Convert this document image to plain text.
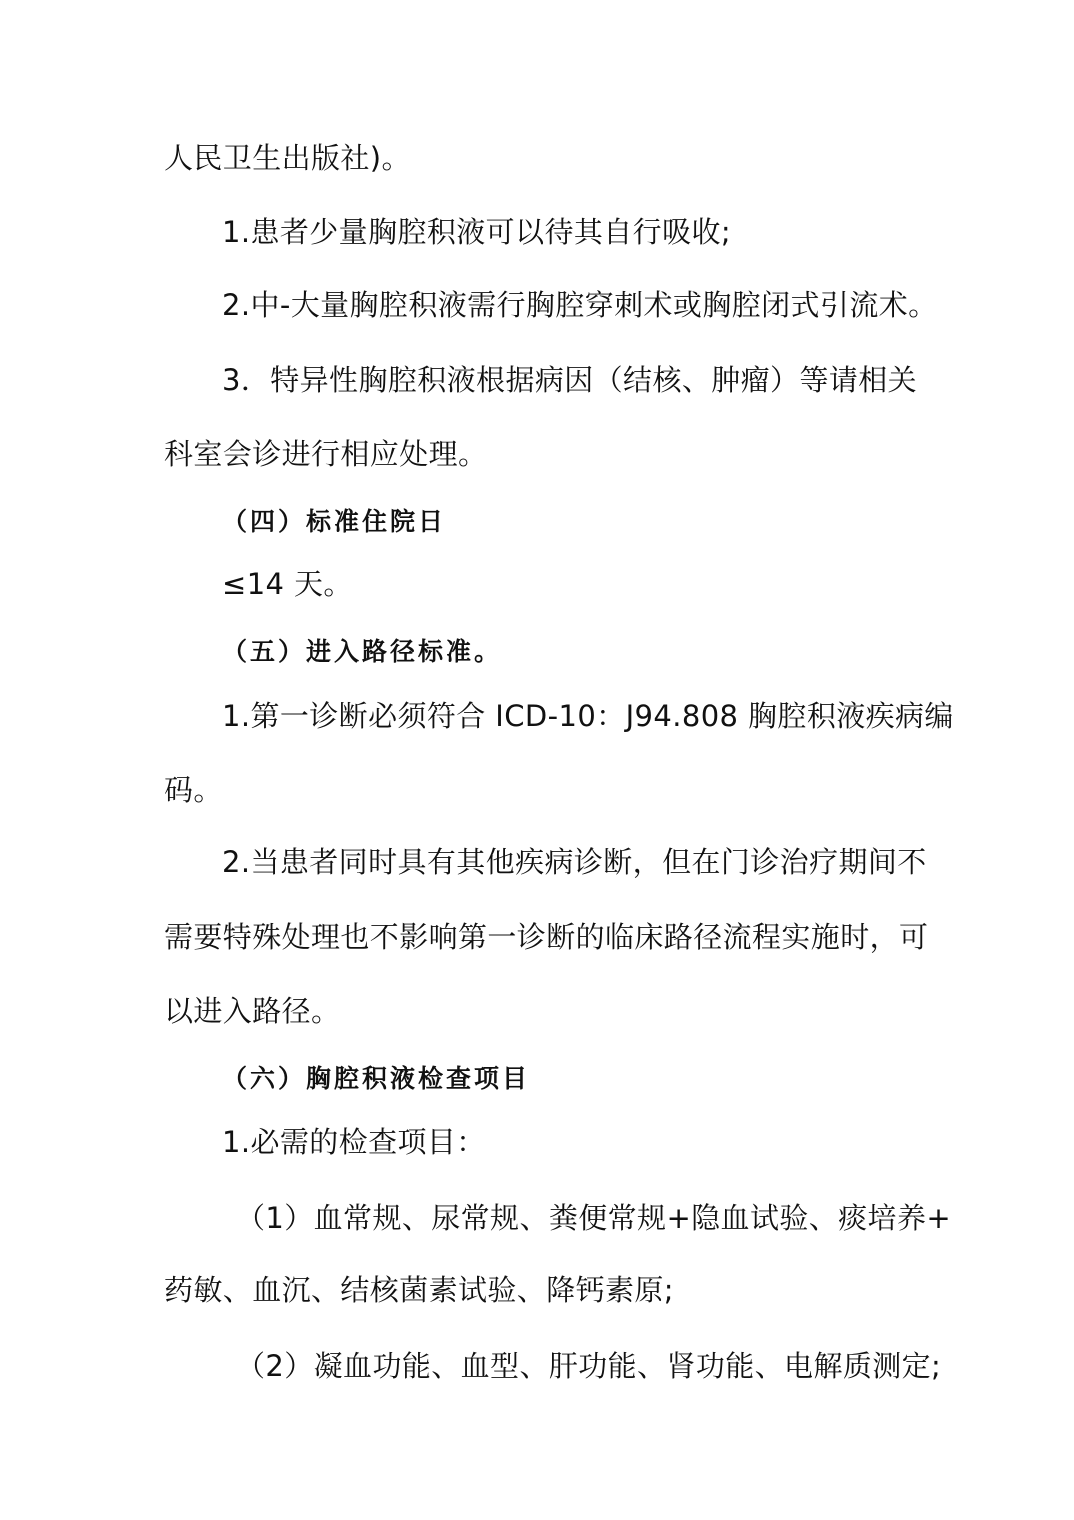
人民卫生出版社)。
1.患者少量胸腔积液可以待其自行吸收;
2.中-大量胸腔积液需行胸腔穿刺术或胸腔闭式引流术。
3．特异性胸腔积液根据病因（结核、肿瘤）等请相关
科室会诊进行相应处理。
（四）标准住院日
≤14 天。
（五）进入路径标准。
1.第一诊断必须符合 ICD-10：J94.808 胸腔积液疾病编
码。
2.当患者同时具有其他疾病诊断，但在门诊治疗期间不
需要特殊处理也不影响第一诊断的临床路径流程实施时，可
以进入路径。
（六）胸腔积液检查项目
1.必需的检查项目：
（1）血常规、尿常规、粪便常规+隐血试验、痰培养+
药敏、血沉、结核菌素试验、降钙素原;
（2）凝血功能、血型、肝功能、肾功能、电解质测定;
